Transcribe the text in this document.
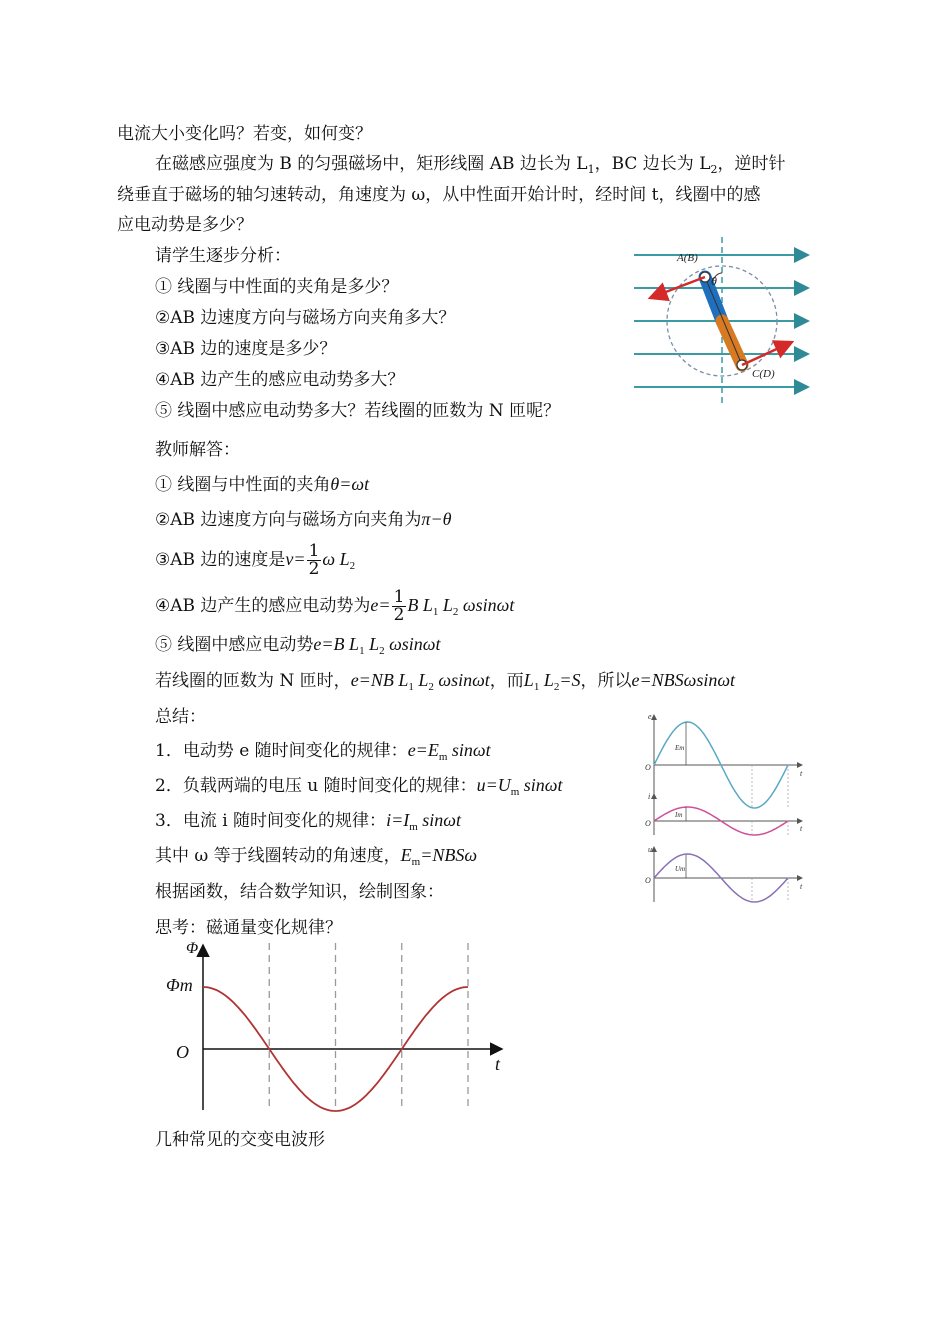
电流大小变化吗？若变，如何变？
在磁感应强度为 B 的匀强磁场中，矩形线圈 AB 边长为 $L_1$，BC 边长为 $L_2$，逆时针
绕垂直于磁场的轴匀速转动，角速度为 ω，从中性面开始计时，经时间 t，线圈中的感
应电动势是多少？
请学生逐步分析：
① 线圈与中性面的夹角是多少？
②AB 边速度方向与磁场方向夹角多大？
③AB 边的速度是多少？
④AB 边产生的感应电动势多大？
⑤ 线圈中感应电动势多大？若线圈的匝数为 N 匝呢？
A(B)
θ
C(D)
教师解答：
① 线圈与中性面的夹角θ=ωt
②AB 边速度方向与磁场方向夹角为π−θ
③AB 边的速度是$v= \frac{1}{2}$ ω $L_2$
④AB 边产生的感应电动势为$e= \frac{1}{2}$ B $L_1$ $L_2$ ωsinωt
⑤ 线圈中感应电动势e=B $L_1$ $L_2$ ωsinωt
若线圈的匝数为 N 匝时，e=NB $L_1$ $L_2$ ωsinωt，而$L_1$ $L_2=S$，所以e=NBSωsinωt
总结：
1．电动势 e 随时间变化的规律：$e=E_m$ sinωt
2．负载两端的电压 u 随时间变化的规律：$u=U_m$ sinωt
3．电流 i 随时间变化的规律：$i=I_m$ sinωt
其中 ω 等于线圈转动的角速度，$E_m=NBS\omega$
根据函数，结合数学知识，绘制图象：
思考：磁通量变化规律？
e
O
t
Em
i
O
t
Im
u
O
t
Um
Φ
Φm
O
t
几种常见的交变电波形
